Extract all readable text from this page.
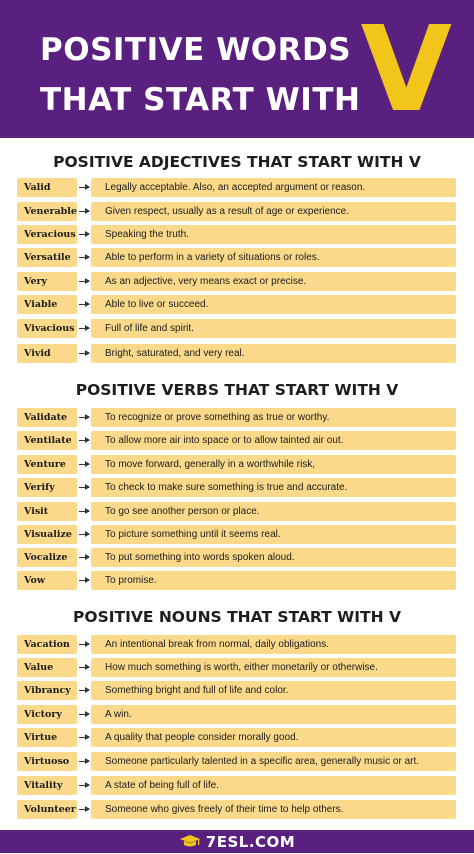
POSITIVE WORDS
THAT START WITH V
POSITIVE ADJECTIVES THAT START WITH V
Valid	Legally acceptable. Also, an accepted argument or reason.
Venerable	Given respect, usually as a result of age or experience.
Veracious	Speaking the truth.
Versatile	Able to perform in a variety of situations or roles.
Very	As an adjective, very means exact or precise.
Viable	Able to live or succeed.
Vivacious	Full of life and spirit.
Vivid	Bright, saturated, and very real.
POSITIVE VERBS THAT START WITH V
Validate	To recognize or prove something as true or worthy.
Ventilate	To allow more air into space or to allow tainted air out.
Venture	To move forward, generally in a worthwhile risk,
Verify	To check to make sure something is true and accurate.
Visit	To go see another person or place.
Visualize	To picture something until it seems real.
Vocalize	To put something into words spoken aloud.
Vow	To promise.
POSITIVE NOUNS THAT START WITH V
Vacation	An intentional break from normal, daily obligations.
Value	How much something is worth, either monetarily or otherwise.
Vibrancy	Something bright and full of life and color.
Victory	A win.
Virtue	A quality that people consider morally good.
Virtuoso	Someone particularly talented in a specific area, generally music or art.
Vitality	A state of being full of life.
Volunteer	Someone who gives freely of their time to help others.
7ESL.COM
